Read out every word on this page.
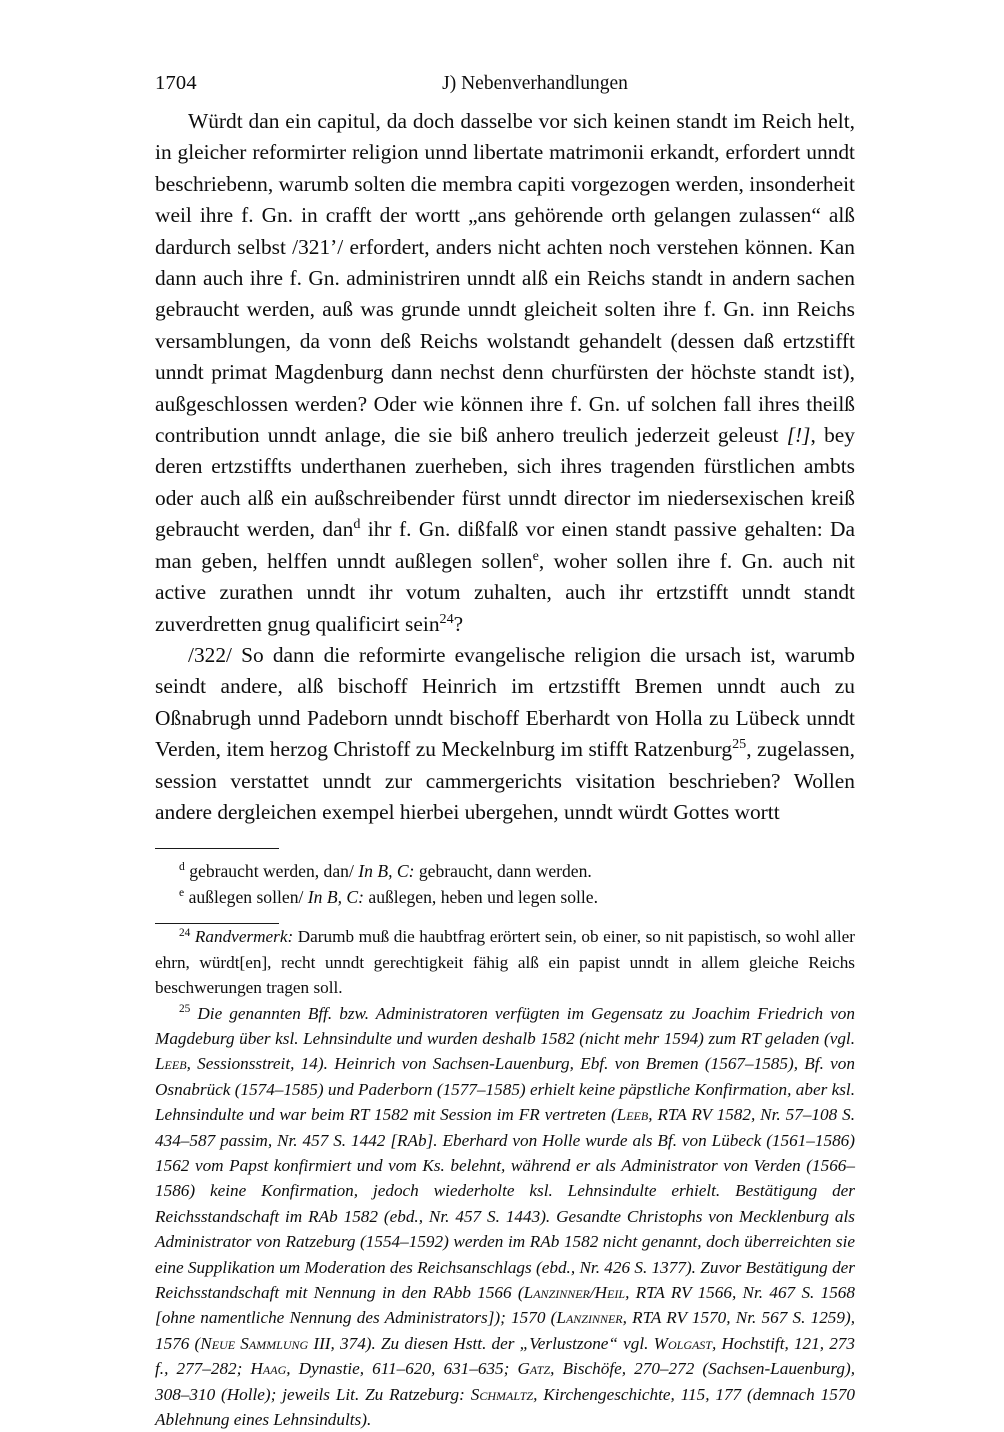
1704	J) Nebenverhandlungen

Würdt dan ein capitul, da doch dasselbe vor sich keinen standt im Reich helt, in gleicher reformirter religion unnd libertate matrimonii erkandt, erfordert unndt beschriebenn, warumb solten die membra capiti vorgezogen werden, insonderheit weil ihre f. Gn. in crafft der wortt „ans gehörende orth gelangen zulassen“ alß dardurch selbst /321’/ erfordert, anders nicht achten noch verstehen können. Kan dann auch ihre f. Gn. administriren unndt alß ein Reichs standt in andern sachen gebraucht werden, auß was grunde unndt gleicheit solten ihre f. Gn. inn Reichs versamblungen, da vonn deß Reichs wolstandt gehandelt (dessen daß ertzstifft unndt primat Magdenburg dann nechst denn churfürsten der höchste standt ist), außgeschlossen werden? Oder wie können ihre f. Gn. uf solchen fall ihres theilß contribution unndt anlage, die sie biß anhero treulich jederzeit geleust [!], bey deren ertzstiffts underthanen zuerheben, sich ihres tragenden fürstlichen ambts oder auch alß ein außschreibender fürst unndt director im niedersexischen kreiß gebraucht werden, dan$^d$ ihr f. Gn. dißfalß vor einen standt passive gehalten: Da man geben, helffen unndt außlegen sollen$^e$, woher sollen ihre f. Gn. auch nit active zurathen unndt ihr votum zuhalten, auch ihr ertzstifft unndt standt zuverdretten gnug qualificirt sein$^{24}$?

/322/ So dann die reformirte evangelische religion die ursach ist, warumb seindt andere, alß bischoff Heinrich im ertzstifft Bremen unndt auch zu Oßnabrugh unnd Padeborn unndt bischoff Eberhardt von Holla zu Lübeck unndt Verden, item herzog Christoff zu Meckelnburg im stifft Ratzenburg$^{25}$, zugelassen, session verstattet unndt zur cammergerichts visitation beschrieben? Wollen andere dergleichen exempel hierbei ubergehen, unndt würdt Gottes wortt

$^d$ gebraucht werden, dan/ In B, C: gebraucht, dann werden.
$^e$ außlegen sollen/ In B, C: außlegen, heben und legen solle.

$^{24}$ Randvermerk: Darumb muß die haubtfrag erörtert sein, ob einer, so nit papistisch, so wohl aller ehrn, würdt[en], recht unndt gerechtigkeit fähig alß ein papist unndt in allem gleiche Reichs beschwerungen tragen soll.

$^{25}$ Die genannten Bff. bzw. Administratoren verfügten im Gegensatz zu Joachim Friedrich von Magdeburg über ksl. Lehnsindulte und wurden deshalb 1582 (nicht mehr 1594) zum RT geladen (vgl. Leeb, Sessionsstreit, 14). Heinrich von Sachsen-Lauenburg, Ebf. von Bremen (1567–1585), Bf. von Osnabrück (1574–1585) und Paderborn (1577–1585) erhielt keine päpstliche Konfirmation, aber ksl. Lehnsindulte und war beim RT 1582 mit Session im FR vertreten (Leeb, RTA RV 1582, Nr. 57–108 S. 434–587 passim, Nr. 457 S. 1442 [RAb]. Eberhard von Holle wurde als Bf. von Lübeck (1561–1586) 1562 vom Papst konfirmiert und vom Ks. belehnt, während er als Administrator von Verden (1566–1586) keine Konfirmation, jedoch wiederholte ksl. Lehnsindulte erhielt. Bestätigung der Reichsstandschaft im RAb 1582 (ebd., Nr. 457 S. 1443). Gesandte Christophs von Mecklenburg als Administrator von Ratzeburg (1554–1592) werden im RAb 1582 nicht genannt, doch überreichten sie eine Supplikation um Moderation des Reichsanschlags (ebd., Nr. 426 S. 1377). Zuvor Bestätigung der Reichsstandschaft mit Nennung in den RAbb 1566 (Lanzinner/Heil, RTA RV 1566, Nr. 467 S. 1568 [ohne namentliche Nennung des Administrators]); 1570 (Lanzinner, RTA RV 1570, Nr. 567 S. 1259), 1576 (Neue Sammlung III, 374). Zu diesen Hstt. der „Verlustzone“ vgl. Wolgast, Hochstift, 121, 273 f., 277–282; Haag, Dynastie, 611–620, 631–635; Gatz, Bischöfe, 270–272 (Sachsen-Lauenburg), 308–310 (Holle); jeweils Lit. Zu Ratzeburg: Schmaltz, Kirchengeschichte, 115, 177 (demnach 1570 Ablehnung eines Lehnsindults).
